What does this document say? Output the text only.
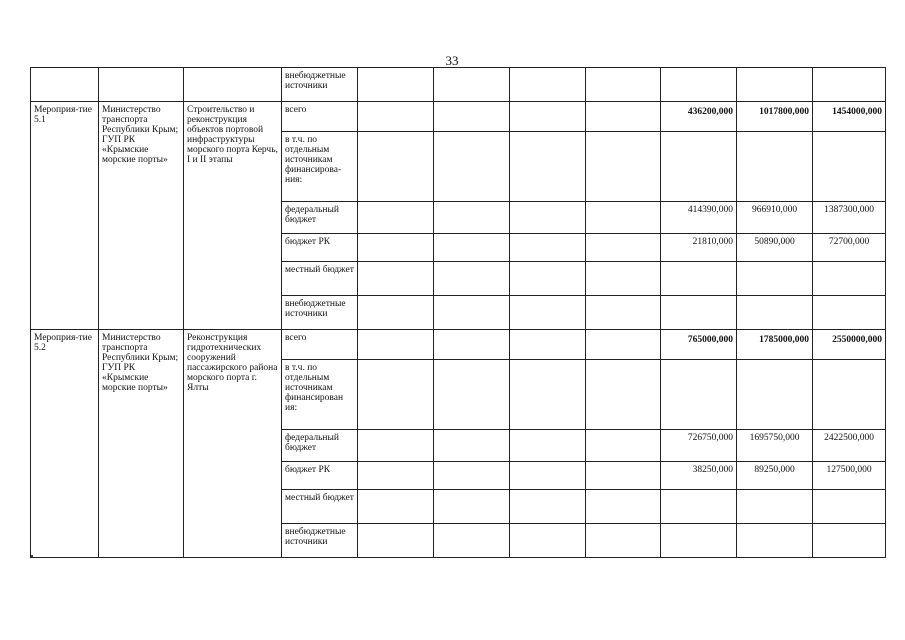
33
			внебюджетные источники							
Мероприя-тие 5.1	Министерство транспорта Республики Крым; ГУП РК «Крымские морские порты»	Строительство и реконструкция объектов портовой инфраструктуры морского порта Керчь, I и II этапы	всего					436200,000	1017800,000	1454000,000
			в т.ч. по отдельным источникам финансирова-ния:							
			федеральный бюджет					414390,000	966910,000	1387300,000
			бюджет РК					21810,000	50890,000	72700,000
			местный бюджет							
			внебюджетные источники							
Мероприя-тие 5.2	Министерство транспорта Республики Крым; ГУП РК «Крымские морские порты»	Реконструкция гидротехнических сооружений пассажирского района морского порта г. Ялты	всего					765000,000	1785000,000	2550000,000
			в т.ч. по отдельным источникам финансирован ия:							
			федеральный бюджет					726750,000	1695750,000	2422500,000
			бюджет РК					38250,000	89250,000	127500,000
			местный бюджет							
			внебюджетные источники							
